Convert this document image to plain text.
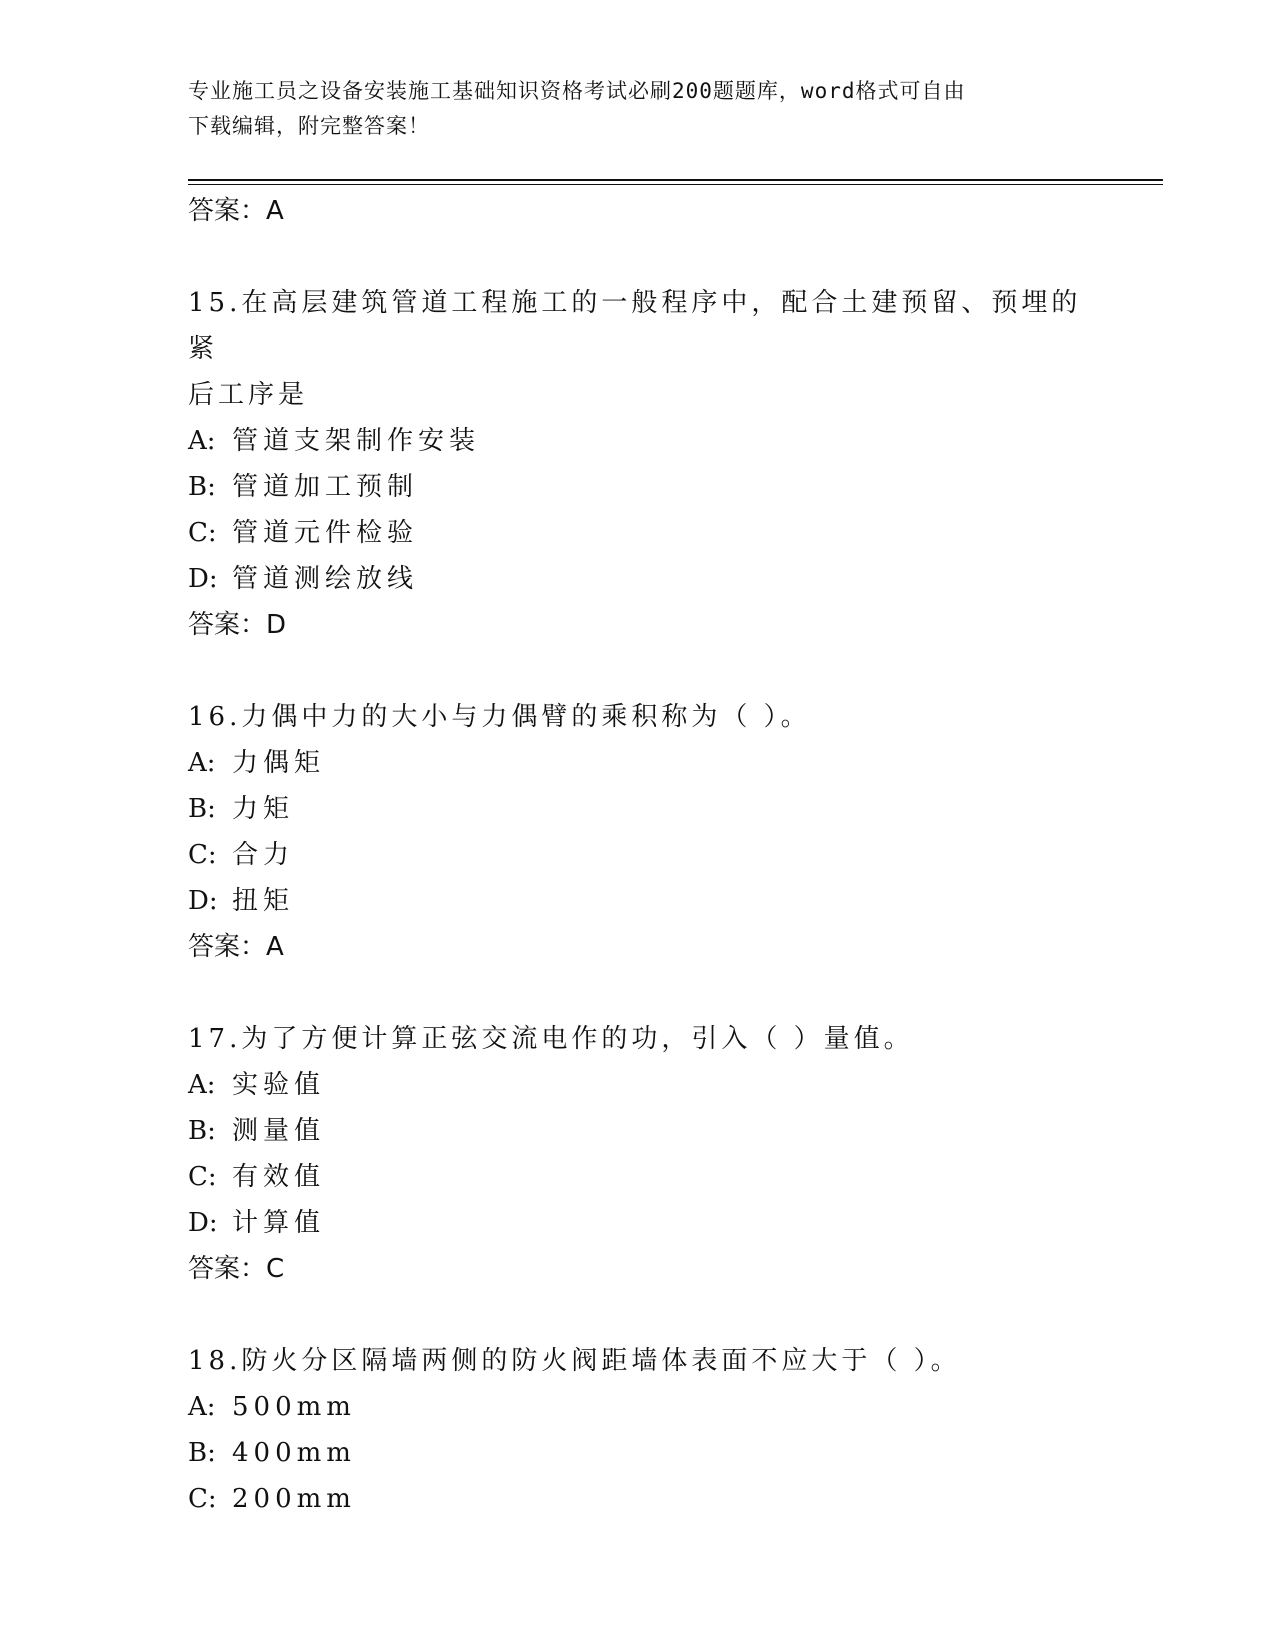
专业施工员之设备安装施工基础知识资格考试必刷200题题库，word格式可自由
下载编辑，附完整答案！
答案：A
15.在高层建筑管道工程施工的一般程序中，配合土建预留、预埋的紧
后工序是
A: 管道支架制作安装
B: 管道加工预制
C: 管道元件检验
D: 管道测绘放线
答案：D
16.力偶中力的大小与力偶臂的乘积称为（ ）。
A: 力偶矩
B: 力矩
C: 合力
D: 扭矩
答案：A
17.为了方便计算正弦交流电作的功，引入（ ）量值。
A: 实验值
B: 测量值
C: 有效值
D: 计算值
答案：C
18.防火分区隔墙两侧的防火阀距墙体表面不应大于（ ）。
A: 500mm
B: 400mm
C: 200mm
